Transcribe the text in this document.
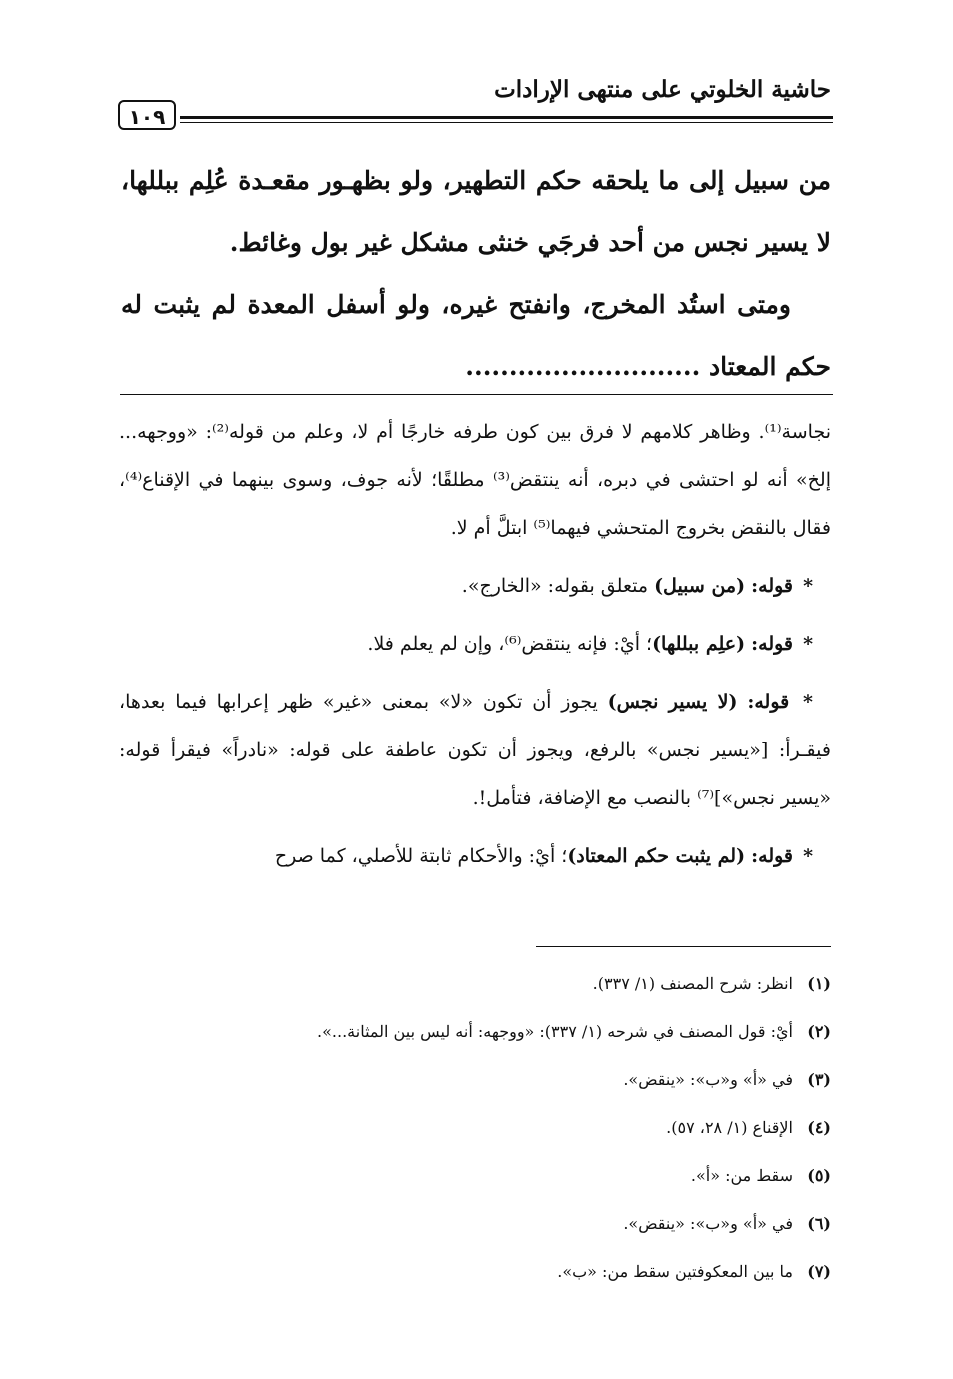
حاشية الخلوتي على منتهى الإرادات
١٠٩

من سبيل إلى ما يلحقه حكم التطهير، ولو بظهـور مقعـدة عُلِم ببللها، لا يسير نجس من أحد فرجَي خنثى مشكل غير بول وغائط.

ومتى استُد المخرج، وانفتح غيره، ولو أسفل المعدة لم يثبت له حكم المعتاد ...........................

نجاسة⁽¹⁾. وظاهر كلامهم لا فرق بين كون طرفه خارجًا أم لا، وعلم من قوله⁽²⁾: «ووجهه... إلخ» أنه لو احتشى في دبره، أنه ينتقض⁽³⁾ مطلقًا؛ لأنه جوف، وسوى بينهما في الإقناع⁽⁴⁾، فقال بالنقض بخروج المتحشي فيهما⁽⁵⁾ ابتلَّ أم لا.

* قوله: (من سبيل) متعلق بقوله: «الخارج».

* قوله: (علِم ببللها)؛ أيْ: فإنه ينتقض⁽⁶⁾، وإن لم يعلم فلا.

* قوله: (لا يسير نجس) يجوز أن تكون «لا» بمعنى «غير» ظهر إعرابها فيما بعدها، فيقـرأ: [«يسير نجس» بالرفع، ويجوز أن تكون عاطفة على قوله: «نادراً» فيقرأ قوله: «يسير نجس»]⁽⁷⁾ بالنصب مع الإضافة، فتأمل!.

* قوله: (لم يثبت حكم المعتاد)؛ أيْ: والأحكام ثابتة للأصلي، كما صرح

(١)انظر: شرح المصنف (١/ ٣٣٧).
(٢)أيْ: قول المصنف في شرحه (١/ ٣٣٧): «ووجهه: أنه ليس بين المثانة...».
(٣)في «أ» و«ب»: «ينقض».
(٤)الإقناع (١/ ٢٨، ٥٧).
(٥)سقط من: «أ».
(٦)في «أ» و«ب»: «ينقض».
(٧)ما بين المعكوفتين سقط من: «ب».
